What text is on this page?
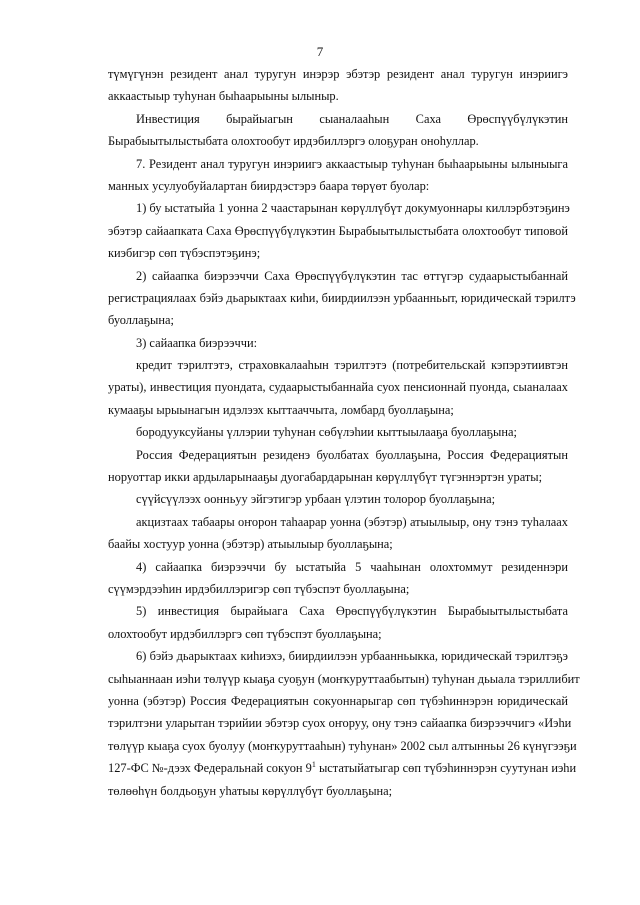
7
түмүгүнэн резидент анал туругун инэрэр эбэтэр резидент анал туругун инэриигэ
аккаастыыр туһунан быһаарыыны ылыныр.
Инвестиция бырайыагын сыаналааһын Саха Өрөспүүбүлүкэтин
Бырабыытылыстыбата олохтообут ирдэбиллэргэ олоҕуран оноһуллар.
7. Резидент анал туругун инэриигэ аккаастыыр туһунан быһаарыыны ылыныыга
манных усулуобуйалартан биирдэстэрэ баара төрүөт буолар:
1) бу ыстатыйа 1 уонна 2 чаастарынан көрүллүбүт докумуоннары киллэрбэтэҕинэ
эбэтэр сайаапката Саха Өрөспүүбүлүкэтин Бырабыытылыстыбата олохтообут типовой
киэбигэр сөп түбэспэтэҕинэ;
2) сайаапка биэрээччи Саха Өрөспүүбүлүкэтин тас өттүгэр судаарыстыбаннай
регистрациялаах бэйэ дьарыктаах киһи, биирдиилээн урбаанньыт, юридическай тэрилтэ
буоллаҕына;
3) сайаапка биэрээччи:
кредит тэрилтэтэ, страховкалааһын тэрилтэтэ (потребительскай кэпэрэтиивтэн
ураты), инвестиция пуондата, судаарыстыбаннайа суох пенсионнай пуонда, сыаналаах
кумааҕы ырыынагын идэлээх кыттааччыта, ломбард буоллаҕына;
бородууксуйаны үллэрии туһунан сөбүлэһии кыттыылааҕа буоллаҕына;
Россия Федерациятын резиденэ буолбатах буоллаҕына, Россия Федерациятын
норуоттар икки ардыларынааҕы дуогабардарынан көрүллүбүт түгэннэртэн ураты;
сүүйсүүлээх оонньуу эйгэтигэр урбаан үлэтин толорор буоллаҕына;
акцизтаах табаары оҥорон таһаарар уонна (эбэтэр) атыылыыр, ону тэнэ туһалаах
баайы хостуур уонна (эбэтэр) атыылыыр буоллаҕына;
4) сайаапка биэрээччи бу ыстатыйа 5 чааһынан олохтоммут резиденнэри
сүүмэрдээһин ирдэбиллэригэр сөп түбэспэт буоллаҕына;
5) инвестиция бырайыага Саха Өрөспүүбүлүкэтин Бырабыытылыстыбата
олохтообут ирдэбиллэргэ сөп түбэспэт буоллаҕына;
6) бэйэ дьарыктаах киһиэхэ, биирдиилээн урбаанньыкка, юридическай тэрилтэҕэ
сыһыаннаан иэһи төлүүр кыаҕа суоҕун (моҥкуруттаабытын) туһунан дьыала тэриллибит
уонна (эбэтэр) Россия Федерациятын сокуоннарыгар сөп түбэһиннэрэн юридическай
тэрилтэни уларытан тэрийии эбэтэр суох оҥоруу, ону тэнэ сайаапка биэрээччигэ «Иэһи
төлүүр кыаҕа суох буолуу (моҥкуруттааһын) туһунан» 2002 сыл алтынньы 26 күнүгээҕи
127-ФС №-дээх Федеральнай сокуон $9^1$ ыстатыйатыгар сөп түбэһиннэрэн суутунан иэһи
төлөөһүн болдьоҕун уһатыы көрүллүбүт буоллаҕына;
